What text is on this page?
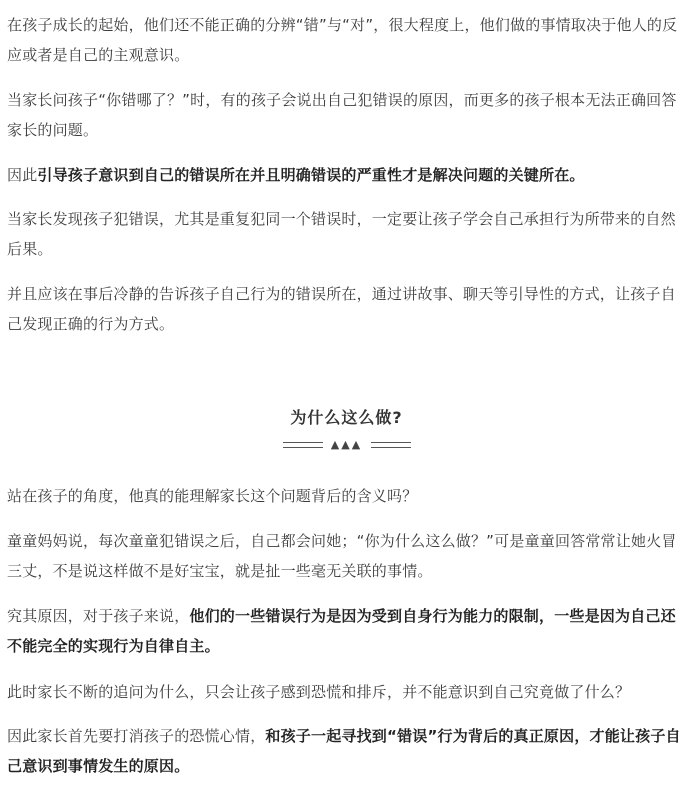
在孩子成长的起始，他们还不能正确的分辨“错”与“对”，很大程度上，他们做的事情取决于他人的反应或者是自己的主观意识。

当家长问孩子“你错哪了？”时，有的孩子会说出自己犯错误的原因，而更多的孩子根本无法正确回答家长的问题。

因此引导孩子意识到自己的错误所在并且明确错误的严重性才是解决问题的关键所在。

当家长发现孩子犯错误，尤其是重复犯同一个错误时，一定要让孩子学会自己承担行为所带来的自然后果。

并且应该在事后冷静的告诉孩子自己行为的错误所在，通过讲故事、聊天等引导性的方式，让孩子自己发现正确的行为方式。

为什么这么做?
▲▲▲

站在孩子的角度，他真的能理解家长这个问题背后的含义吗？

童童妈妈说，每次童童犯错误之后，自己都会问她；“你为什么这么做？”可是童童回答常常让她火冒三丈，不是说这样做不是好宝宝，就是扯一些毫无关联的事情。

究其原因，对于孩子来说，他们的一些错误行为是因为受到自身行为能力的限制，一些是因为自己还不能完全的实现行为自律自主。

此时家长不断的追问为什么，只会让孩子感到恐慌和排斥，并不能意识到自己究竟做了什么？

因此家长首先要打消孩子的恐慌心情，和孩子一起寻找到“错误”行为背后的真正原因，才能让孩子自己意识到事情发生的原因。
